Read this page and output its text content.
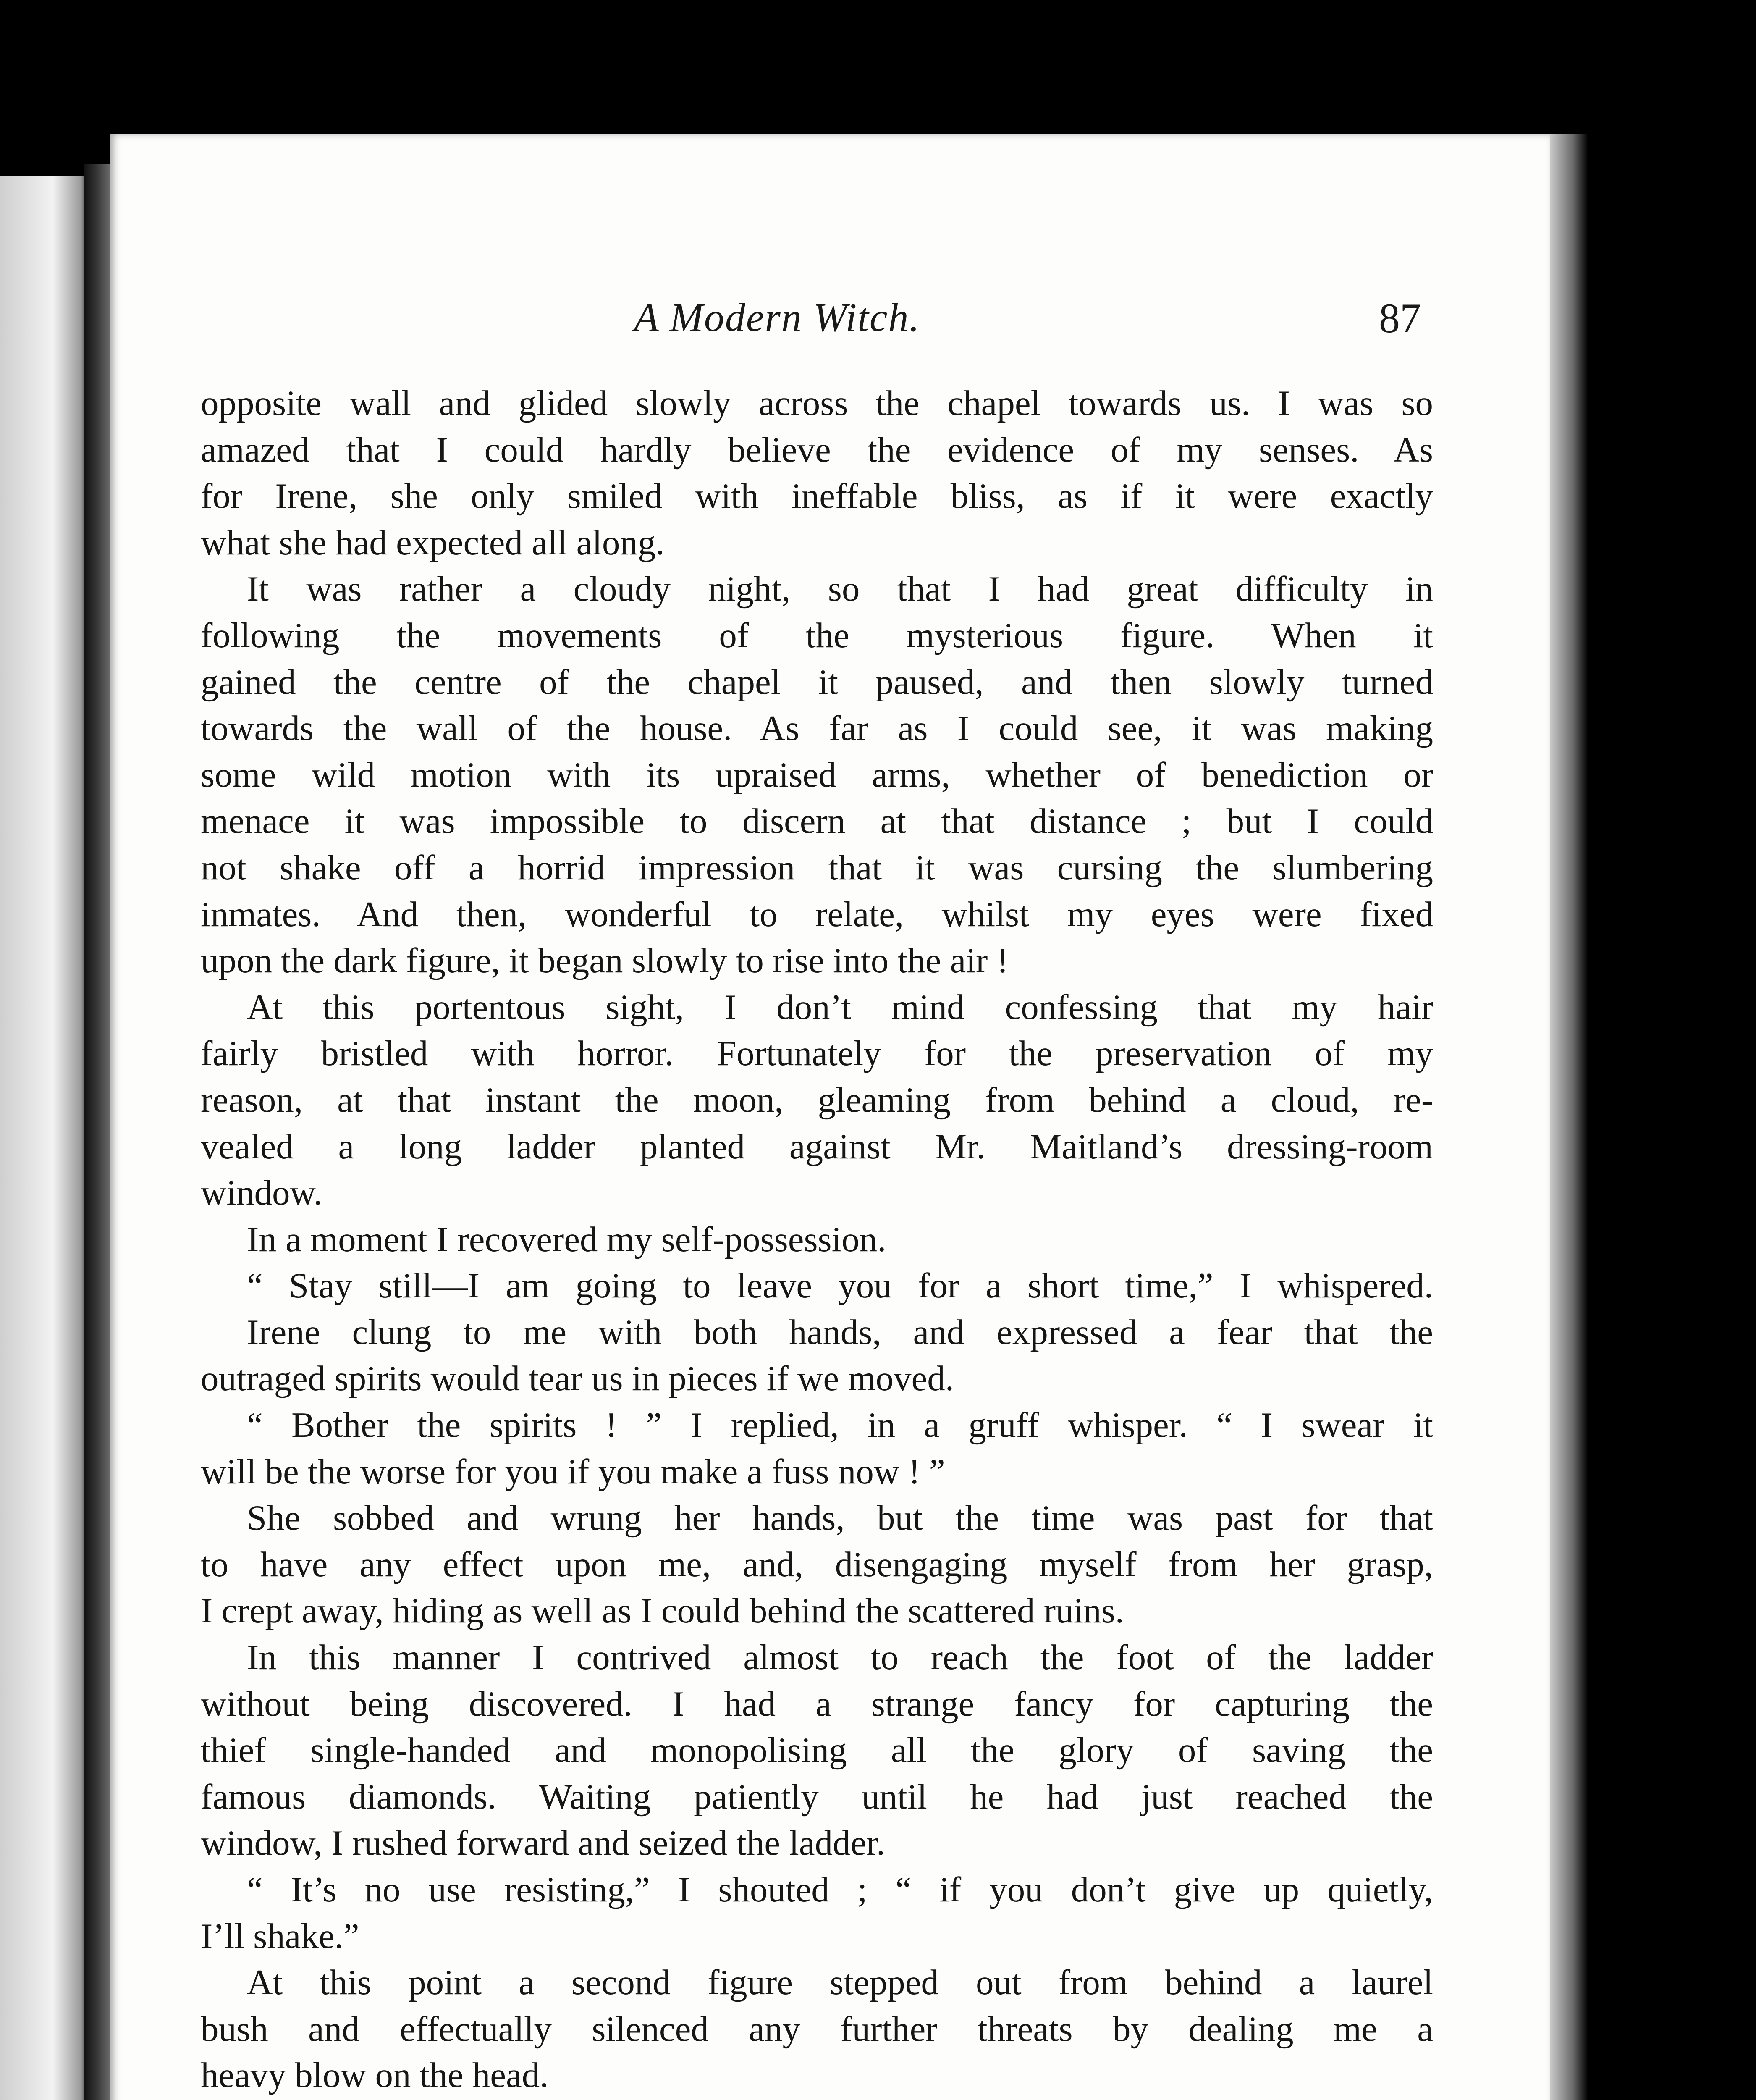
A Modern Witch.	87
opposite wall and glided slowly across the chapel towards us. I was so
amazed that I could hardly believe the evidence of my senses. As
for Irene, she only smiled with ineffable bliss, as if it were exactly
what she had expected all along.
It was rather a cloudy night, so that I had great difficulty in
following the movements of the mysterious figure. When it
gained the centre of the chapel it paused, and then slowly turned
towards the wall of the house. As far as I could see, it was making
some wild motion with its upraised arms, whether of benediction or
menace it was impossible to discern at that distance ; but I could
not shake off a horrid impression that it was cursing the slumbering
inmates. And then, wonderful to relate, whilst my eyes were fixed
upon the dark figure, it began slowly to rise into the air !
At this portentous sight, I don’t mind confessing that my hair
fairly bristled with horror. Fortunately for the preservation of my
reason, at that instant the moon, gleaming from behind a cloud, re-
vealed a long ladder planted against Mr. Maitland’s dressing-room
window.
In a moment I recovered my self-possession.
“ Stay still—I am going to leave you for a short time,” I whispered.
Irene clung to me with both hands, and expressed a fear that the
outraged spirits would tear us in pieces if we moved.
“ Bother the spirits ! ” I replied, in a gruff whisper. “ I swear it
will be the worse for you if you make a fuss now ! ”
She sobbed and wrung her hands, but the time was past for that
to have any effect upon me, and, disengaging myself from her grasp,
I crept away, hiding as well as I could behind the scattered ruins.
In this manner I contrived almost to reach the foot of the ladder
without being discovered. I had a strange fancy for capturing the
thief single-handed and monopolising all the glory of saving the
famous diamonds. Waiting patiently until he had just reached the
window, I rushed forward and seized the ladder.
“ It’s no use resisting,” I shouted ; “ if you don’t give up quietly,
I’ll shake.”
At this point a second figure stepped out from behind a laurel
bush and effectually silenced any further threats by dealing me a
heavy blow on the head.
